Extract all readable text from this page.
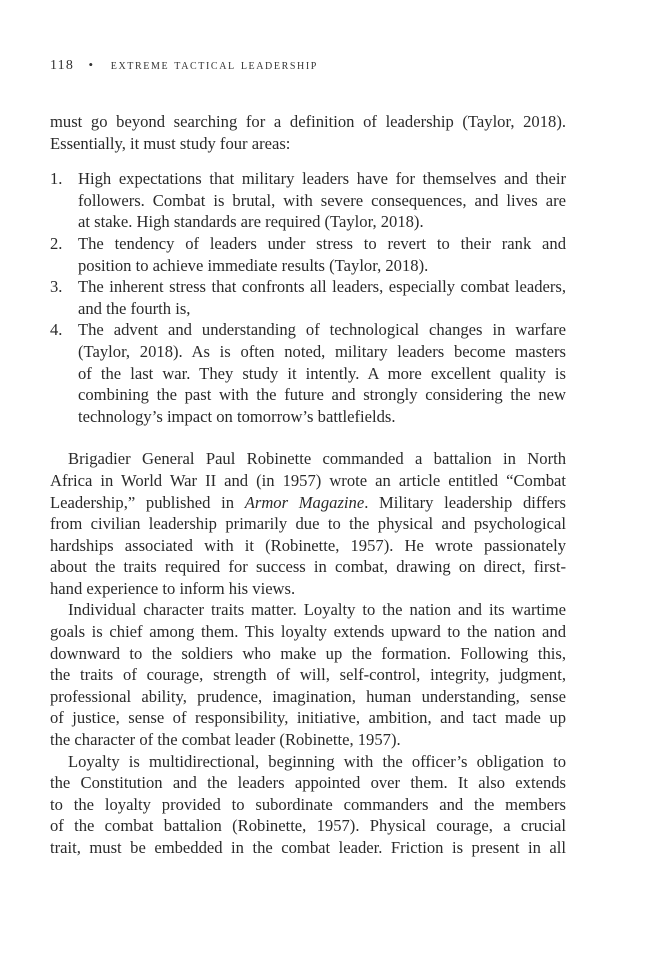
118 • extreme tactical leadership

must go beyond searching for a definition of leadership (Taylor, 2018).
Essentially, it must study four areas:

1. High expectations that military leaders have for themselves and their
followers. Combat is brutal, with severe consequences, and lives are
at stake. High standards are required (Taylor, 2018).
2. The tendency of leaders under stress to revert to their rank and
position to achieve immediate results (Taylor, 2018).
3. The inherent stress that confronts all leaders, especially combat leaders,
and the fourth is,
4. The advent and understanding of technological changes in warfare
(Taylor, 2018). As is often noted, military leaders become masters
of the last war. They study it intently. A more excellent quality is
combining the past with the future and strongly considering the new
technology’s impact on tomorrow’s battlefields.

Brigadier General Paul Robinette commanded a battalion in North
Africa in World War II and (in 1957) wrote an article entitled “Combat
Leadership,” published in Armor Magazine. Military leadership differs
from civilian leadership primarily due to the physical and psychological
hardships associated with it (Robinette, 1957). He wrote passionately
about the traits required for success in combat, drawing on direct, first-
hand experience to inform his views.

Individual character traits matter. Loyalty to the nation and its wartime
goals is chief among them. This loyalty extends upward to the nation and
downward to the soldiers who make up the formation. Following this,
the traits of courage, strength of will, self-control, integrity, judgment,
professional ability, prudence, imagination, human understanding, sense
of justice, sense of responsibility, initiative, ambition, and tact made up
the character of the combat leader (Robinette, 1957).

Loyalty is multidirectional, beginning with the officer’s obligation to
the Constitution and the leaders appointed over them. It also extends
to the loyalty provided to subordinate commanders and the members
of the combat battalion (Robinette, 1957). Physical courage, a crucial
trait, must be embedded in the combat leader. Friction is present in all
